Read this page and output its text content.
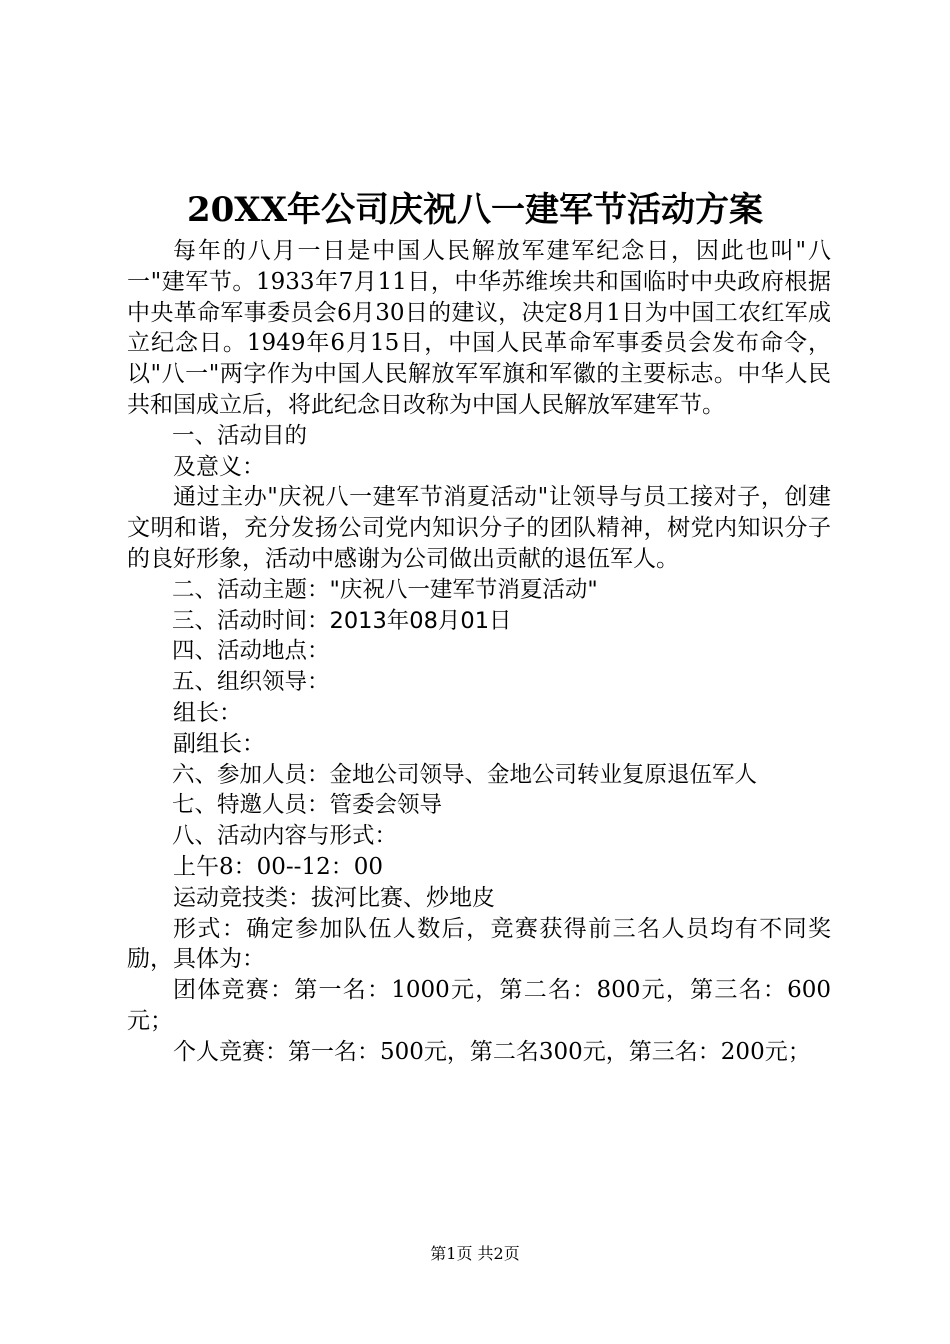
20XX年公司庆祝八一建军节活动方案

每年的八月一日是中国人民解放军建军纪念日，因此也叫"八一"建军节。1933年7月11日，中华苏维埃共和国临时中央政府根据中央革命军事委员会6月30日的建议，决定8月1日为中国工农红军成立纪念日。1949年6月15日，中国人民革命军事委员会发布命令，以"八一"两字作为中国人民解放军军旗和军徽的主要标志。中华人民共和国成立后，将此纪念日改称为中国人民解放军建军节。

一、活动目的

及意义：

通过主办"庆祝八一建军节消夏活动"让领导与员工接对子，创建文明和谐，充分发扬公司党内知识分子的团队精神，树党内知识分子的良好形象，活动中感谢为公司做出贡献的退伍军人。

二、活动主题："庆祝八一建军节消夏活动"

三、活动时间：2013年08月01日

四、活动地点：

五、组织领导：

组长：

副组长：

六、参加人员：金地公司领导、金地公司转业复原退伍军人

七、特邀人员：管委会领导

八、活动内容与形式：

上午8：00--12：00

运动竞技类：拔河比赛、炒地皮

形式：确定参加队伍人数后，竞赛获得前三名人员均有不同奖励，具体为：

团体竞赛：第一名：1000元，第二名：800元，第三名：600元；

个人竞赛：第一名：500元，第二名300元，第三名：200元；

第1页 共2页
